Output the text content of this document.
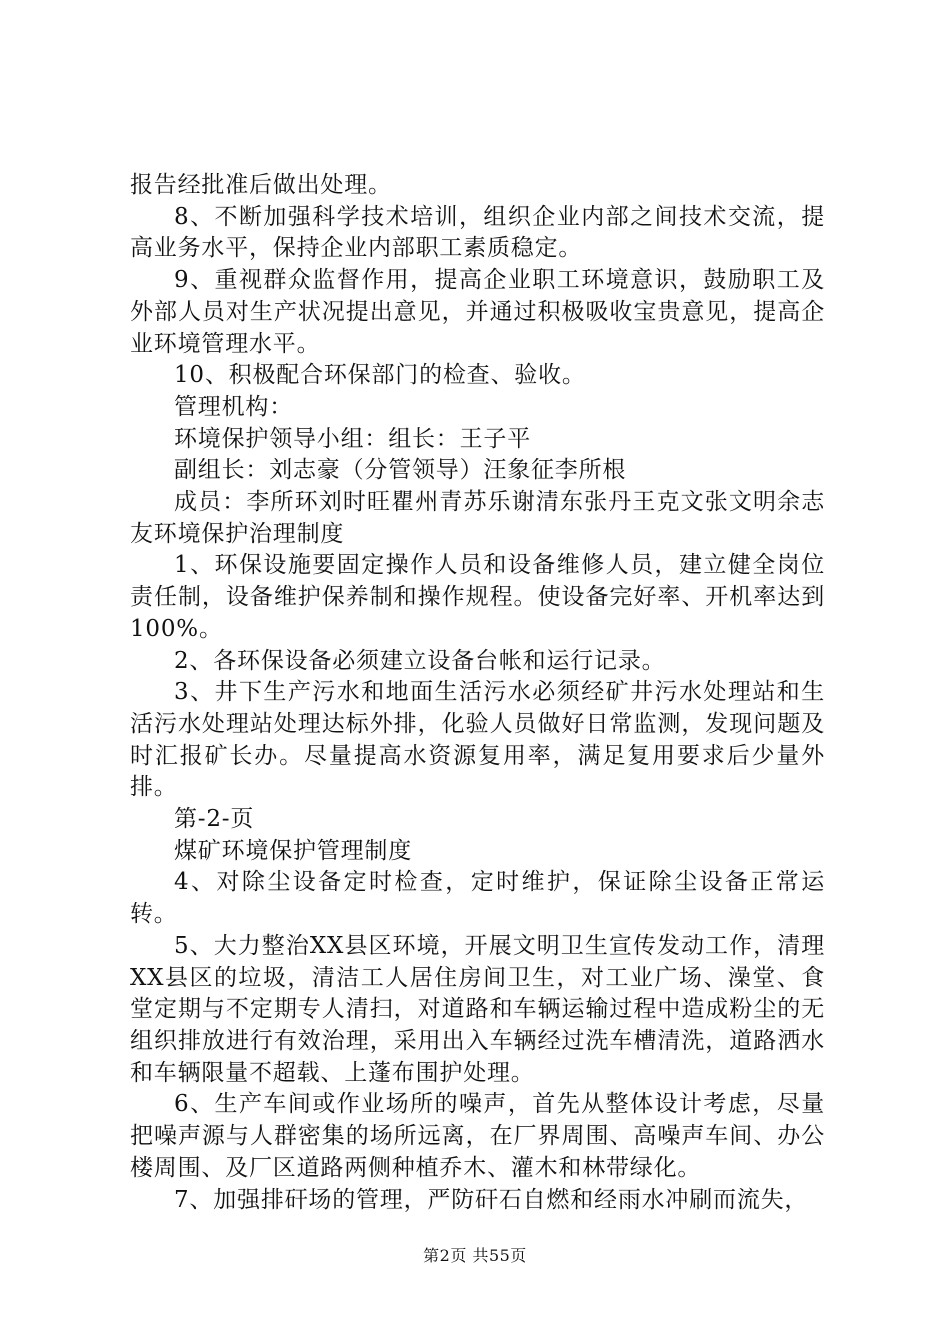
报告经批准后做出处理。

8、不断加强科学技术培训，组织企业内部之间技术交流，提高业务水平，保持企业内部职工素质稳定。

9、重视群众监督作用，提高企业职工环境意识，鼓励职工及外部人员对生产状况提出意见，并通过积极吸收宝贵意见，提高企业环境管理水平。

10、积极配合环保部门的检查、验收。

管理机构：

环境保护领导小组：组长：王子平

副组长：刘志豪（分管领导）汪象征李所根

成员：李所环刘时旺瞿州青苏乐谢清东张丹王克文张文明余志友环境保护治理制度

1、环保设施要固定操作人员和设备维修人员，建立健全岗位责任制，设备维护保养制和操作规程。使设备完好率、开机率达到100%。

2、各环保设备必须建立设备台帐和运行记录。

3、井下生产污水和地面生活污水必须经矿井污水处理站和生活污水处理站处理达标外排，化验人员做好日常监测，发现问题及时汇报矿长办。尽量提高水资源复用率，满足复用要求后少量外排。

第-2-页

煤矿环境保护管理制度

4、对除尘设备定时检查，定时维护，保证除尘设备正常运转。

5、大力整治XX县区环境，开展文明卫生宣传发动工作，清理XX县区的垃圾，清洁工人居住房间卫生，对工业广场、澡堂、食堂定期与不定期专人清扫，对道路和车辆运输过程中造成粉尘的无组织排放进行有效治理，采用出入车辆经过洗车槽清洗，道路洒水和车辆限量不超载、上蓬布围护处理。

6、生产车间或作业场所的噪声，首先从整体设计考虑，尽量把噪声源与人群密集的场所远离，在厂界周围、高噪声车间、办公楼周围、及厂区道路两侧种植乔木、灌木和林带绿化。

7、加强排矸场的管理，严防矸石自燃和经雨水冲刷而流失，

第2页 共55页
